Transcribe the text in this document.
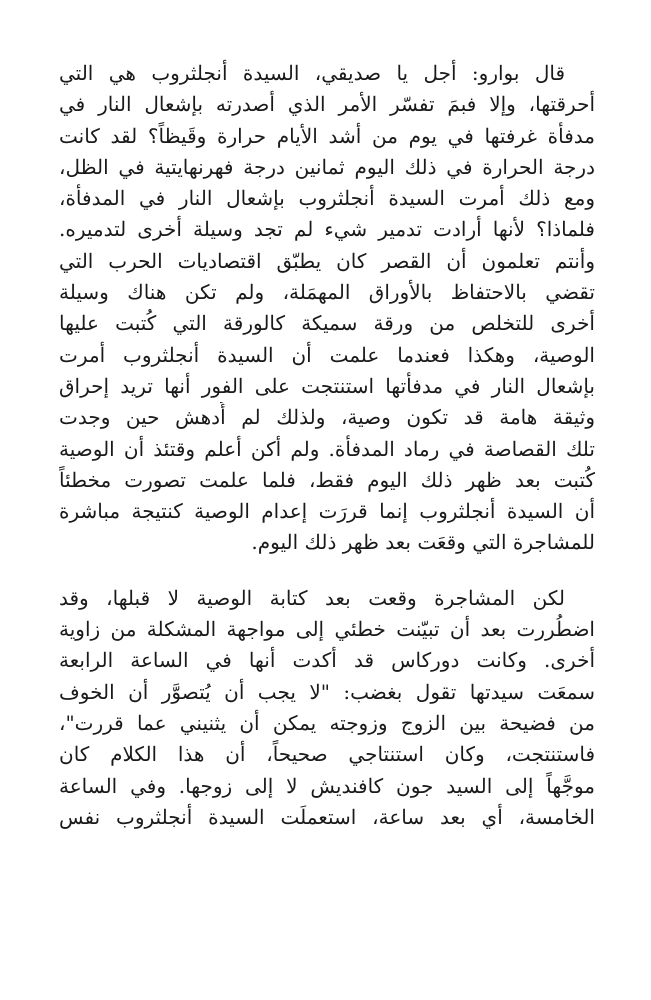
قال بوارو: أجل يا صديقي، السيدة أنجلثروب هي التي
أحرقتها، وإلا فبمَ تفسّر الأمر الذي أصدرته بإشعال النار في
مدفأة غرفتها في يوم من أشد الأيام حرارة وقَيظاً؟ لقد كانت
درجة الحرارة في ذلك اليوم ثمانين درجة فهرنهايتية في الظل،
ومع ذلك أمرت السيدة أنجلثروب بإشعال النار في المدفأة،
فلماذا؟ لأنها أرادت تدمير شيء لم تجد وسيلة أخرى لتدميره.
وأنتم تعلمون أن القصر كان يطبّق اقتصاديات الحرب التي
تقضي بالاحتفاظ بالأوراق المهمَلة، ولم تكن هناك وسيلة
أخرى للتخلص من ورقة سميكة كالورقة التي كُتبت عليها
الوصية، وهكذا فعندما علمت أن السيدة أنجلثروب أمرت
بإشعال النار في مدفأتها استنتجت على الفور أنها تريد إحراق
وثيقة هامة قد تكون وصية، ولذلك لم أُدهش حين وجدت
تلك القصاصة في رماد المدفأة. ولم أكن أعلم وقتئذ أن الوصية
كُتبت بعد ظهر ذلك اليوم فقط، فلما علمت تصورت مخطئاً
أن السيدة أنجلثروب إنما قررَت إعدام الوصية كنتيجة مباشرة
للمشاجرة التي وقعَت بعد ظهر ذلك اليوم.
لكن المشاجرة وقعت بعد كتابة الوصية لا قبلها، وقد
اضطُررت بعد أن تبيّنت خطئي إلى مواجهة المشكلة من زاوية
أخرى. وكانت دوركاس قد أكدت أنها في الساعة الرابعة
سمعَت سيدتها تقول بغضب: "لا يجب أن يُتصوَّر أن الخوف
من فضيحة بين الزوج وزوجته يمكن أن يثنيني عما قررت"،
فاستنتجت، وكان استنتاجي صحيحاً، أن هذا الكلام كان
موجَّهاً إلى السيد جون كافنديش لا إلى زوجها. وفي الساعة
الخامسة، أي بعد ساعة، استعملَت السيدة أنجلثروب نفس
